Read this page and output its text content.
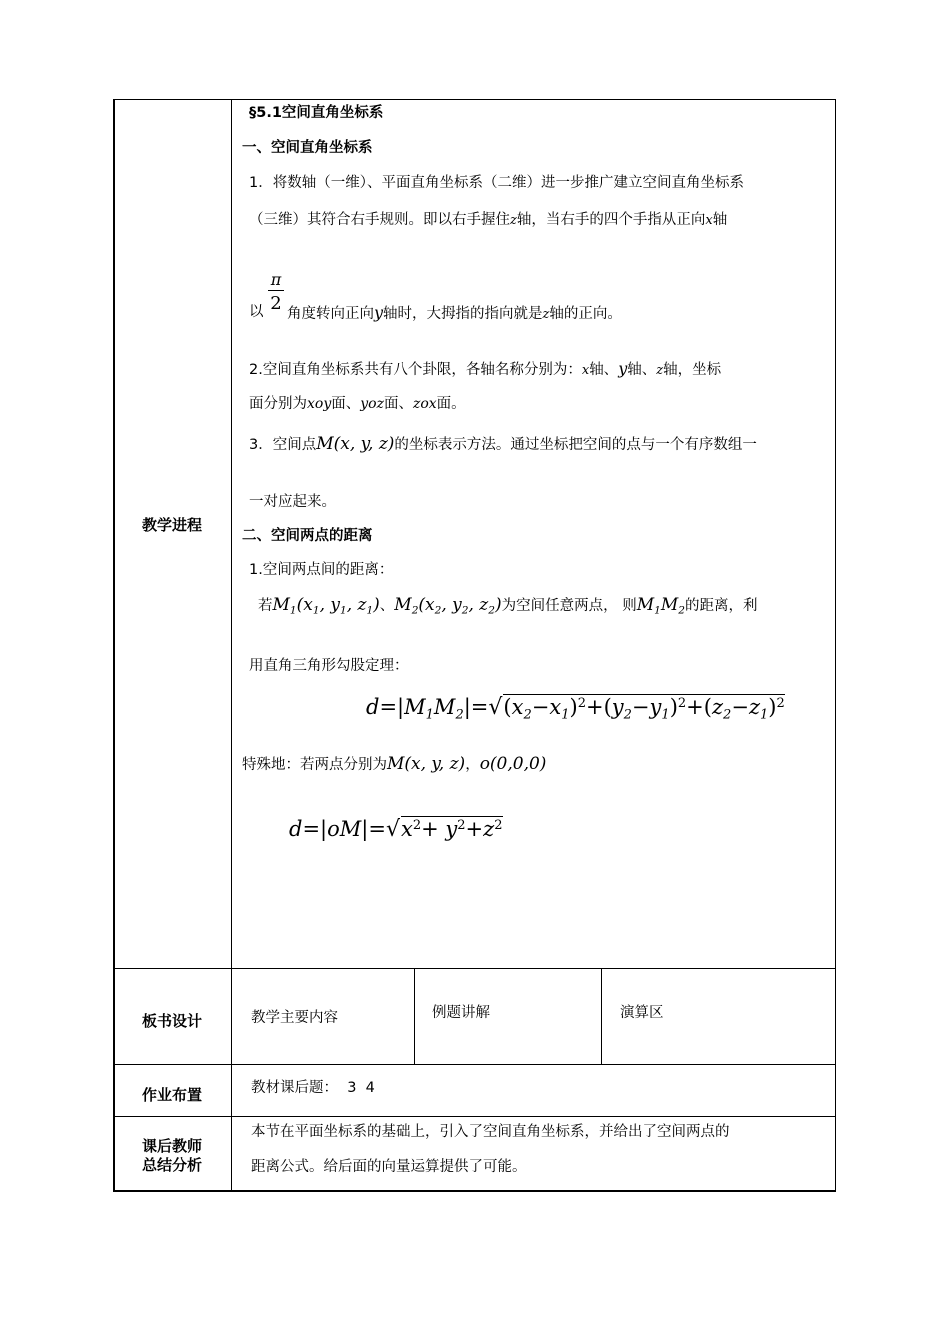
教学进程
板书设计
作业布置
课后教师
总结分析
§5.1空间直角坐标系
一、空间直角坐标系
1．将数轴（一维）、平面直角坐标系（二维）进一步推广建立空间直角坐标系
（三维）其符合右手规则。即以右手握住z轴，当右手的四个手指从正向x轴
π
2
以 角度转向正向y轴时，大拇指的指向就是z轴的正向。
2.空间直角坐标系共有八个卦限，各轴名称分别为：x轴、y轴、z轴，坐标
面分别为xoy面、yoz面、zox面。
3．空间点M(x, y, z)的坐标表示方法。通过坐标把空间的点与一个有序数组一
一对应起来。
二、空间两点的距离
1.空间两点间的距离：
若$M_1(x_1$, $y_1$, $z_1$)、$M_2(x_2$, $y_2$, $z_2$)为空间任意两点， 则$M_1M_2$的距离，利
用直角三角形勾股定理：
$d=|M_1M_2|=√(x_2-x_1)^2+(y_2-y_1)^2+(z_2-z_1)^2$
特殊地：若两点分别为M(x, y, z)，o(0,0,0)
$d=|oM|=√x^2+ y^2+z^2$
教学主要内容	例题讲解	演算区
教材课后题：  3  4
本节在平面坐标系的基础上，引入了空间直角坐标系，并给出了空间两点的
距离公式。给后面的向量运算提供了可能。
